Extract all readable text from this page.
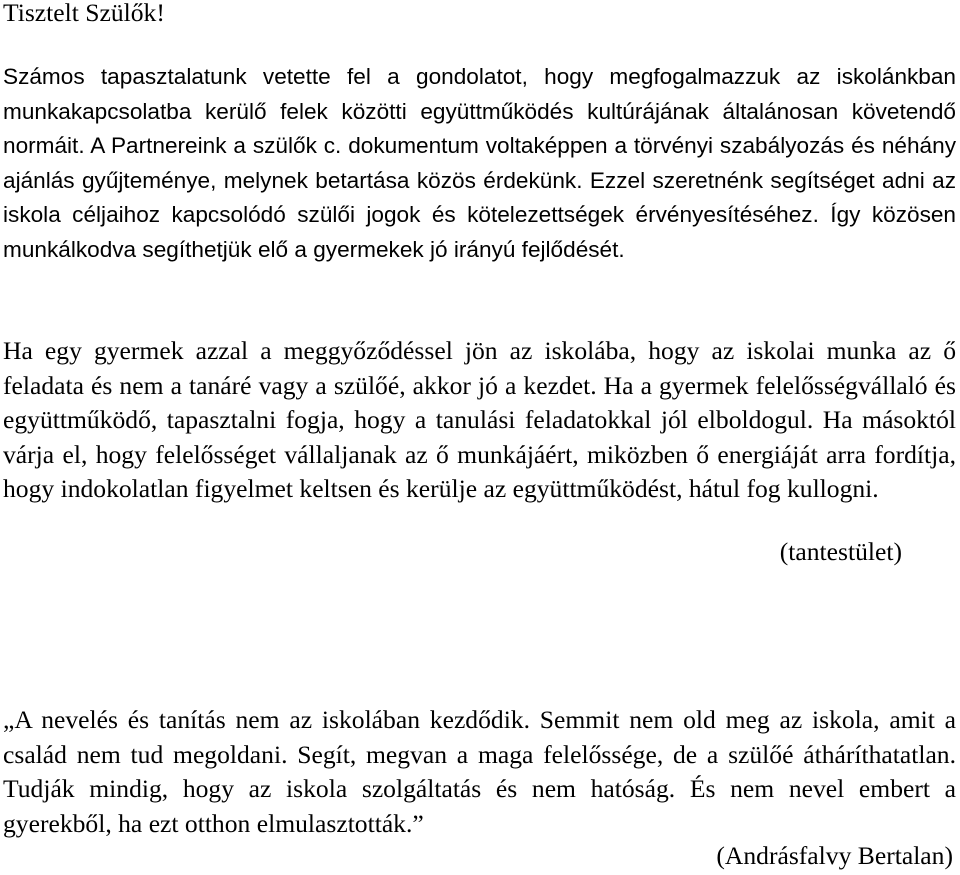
Tisztelt Szülők!

Számos tapasztalatunk vetette fel a gondolatot, hogy megfogalmazzuk az iskolánkban munkakapcsolatba kerülő felek közötti együttműködés kultúrájának általánosan követendő normáit. A Partnereink a szülők c. dokumentum voltaképpen a törvényi szabályozás és néhány ajánlás gyűjteménye, melynek betartása közös érdekünk. Ezzel szeretnénk segítséget adni az iskola céljaihoz kapcsolódó szülői jogok és kötelezettségek érvényesítéséhez. Így közösen munkálkodva segíthetjük elő a gyermekek jó irányú fejlődését.

Ha egy gyermek azzal a meggyőződéssel jön az iskolába, hogy az iskolai munka az ő feladata és nem a tanáré vagy a szülőé, akkor jó a kezdet. Ha a gyermek felelősségvállaló és együttműködő, tapasztalni fogja, hogy a tanulási feladatokkal jól elboldogul. Ha másoktól várja el, hogy felelősséget vállaljanak az ő munkájáért, miközben ő energiáját arra fordítja, hogy indokolatlan figyelmet keltsen és kerülje az együttműködést, hátul fog kullogni.

(tantestület)

„A nevelés és tanítás nem az iskolában kezdődik. Semmit nem old meg az iskola, amit a család nem tud megoldani. Segít, megvan a maga felelőssége, de a szülőé átháríthatatlan. Tudják mindig, hogy az iskola szolgáltatás és nem hatóság. És nem nevel embert a gyerekből, ha ezt otthon elmulasztották.”

(Andrásfalvy Bertalan)
